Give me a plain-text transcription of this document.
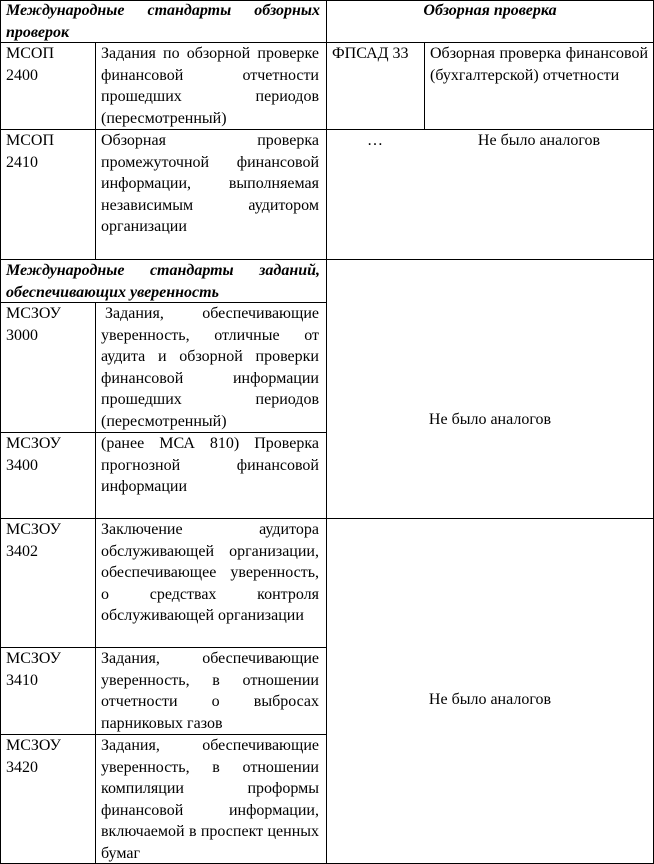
Международные стандарты обзорных проверок
Обзорная проверка
МСОП 2400
Задания по обзорной проверке финансовой отчетности прошедших периодов (пересмотренный)
ФПСАД 33	Обзорная проверка финансовой (бухгалтерской) отчетности
МСОП 2410
Обзорная проверка промежуточной финансовой информации, выполняемая независимым аудитором организации
…	Не было аналогов
Международные стандарты заданий, обеспечивающих уверенность
МСЗОУ 3000
Задания, обеспечивающие уверенность, отличные от аудита и обзорной проверки финансовой информации прошедших периодов (пересмотренный)
МСЗОУ 3400
(ранее МСА 810) Проверка прогнозной финансовой информации
Не было аналогов
МСЗОУ 3402
Заключение аудитора обслуживающей организации, обеспечивающее уверенность, о средствах контроля обслуживающей организации
МСЗОУ 3410
Задания, обеспечивающие уверенность, в отношении отчетности о выбросах парниковых газов
МСЗОУ 3420
Задания, обеспечивающие уверенность, в отношении компиляции проформы финансовой информации, включаемой в проспект ценных бумаг
Не было аналогов
